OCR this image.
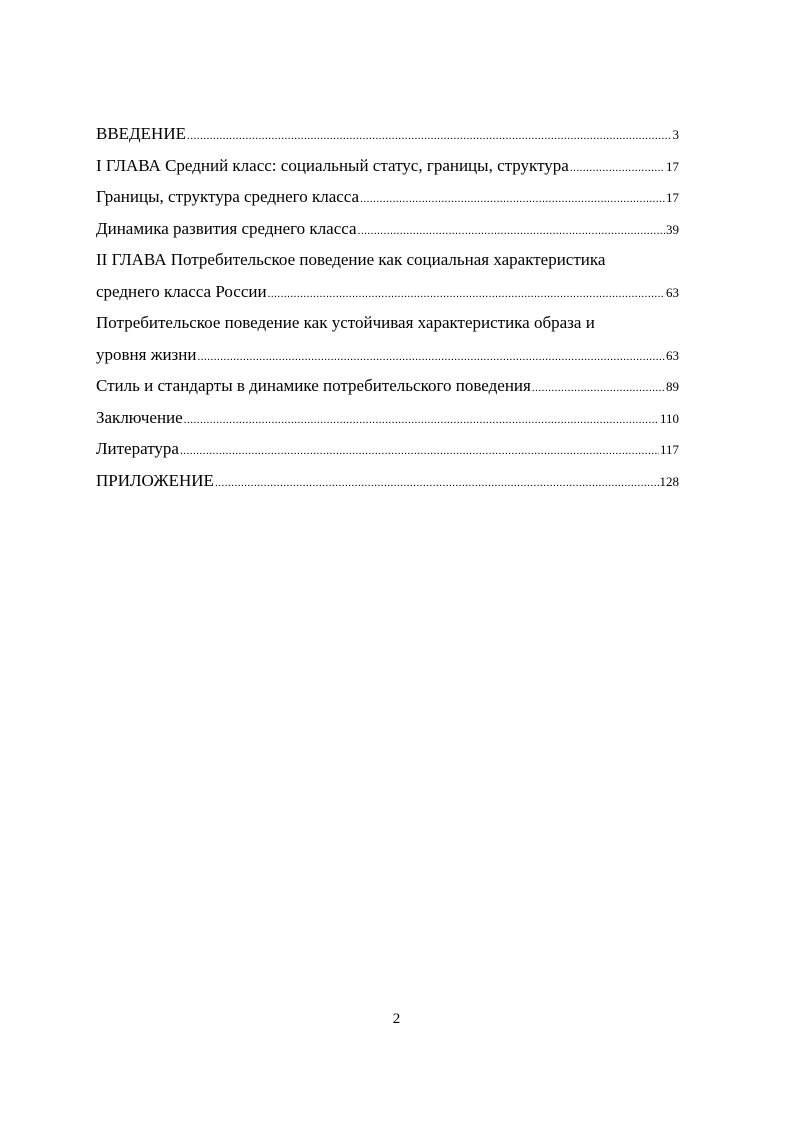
ВВЕДЕНИЕ .....	3
I ГЛАВА Средний класс: социальный статус, границы, структура .....	17
Границы, структура среднего класса .....	17
Динамика развития среднего класса .....	39
II ГЛАВА Потребительское поведение как социальная характеристика
среднего класса России .....	63
Потребительское поведение как устойчивая характеристика образа и
уровня жизни .....	63
Стиль и стандарты в динамике потребительского поведения .....	89
Заключение .....	110
Литература .....	117
ПРИЛОЖЕНИЕ .....	128
2
